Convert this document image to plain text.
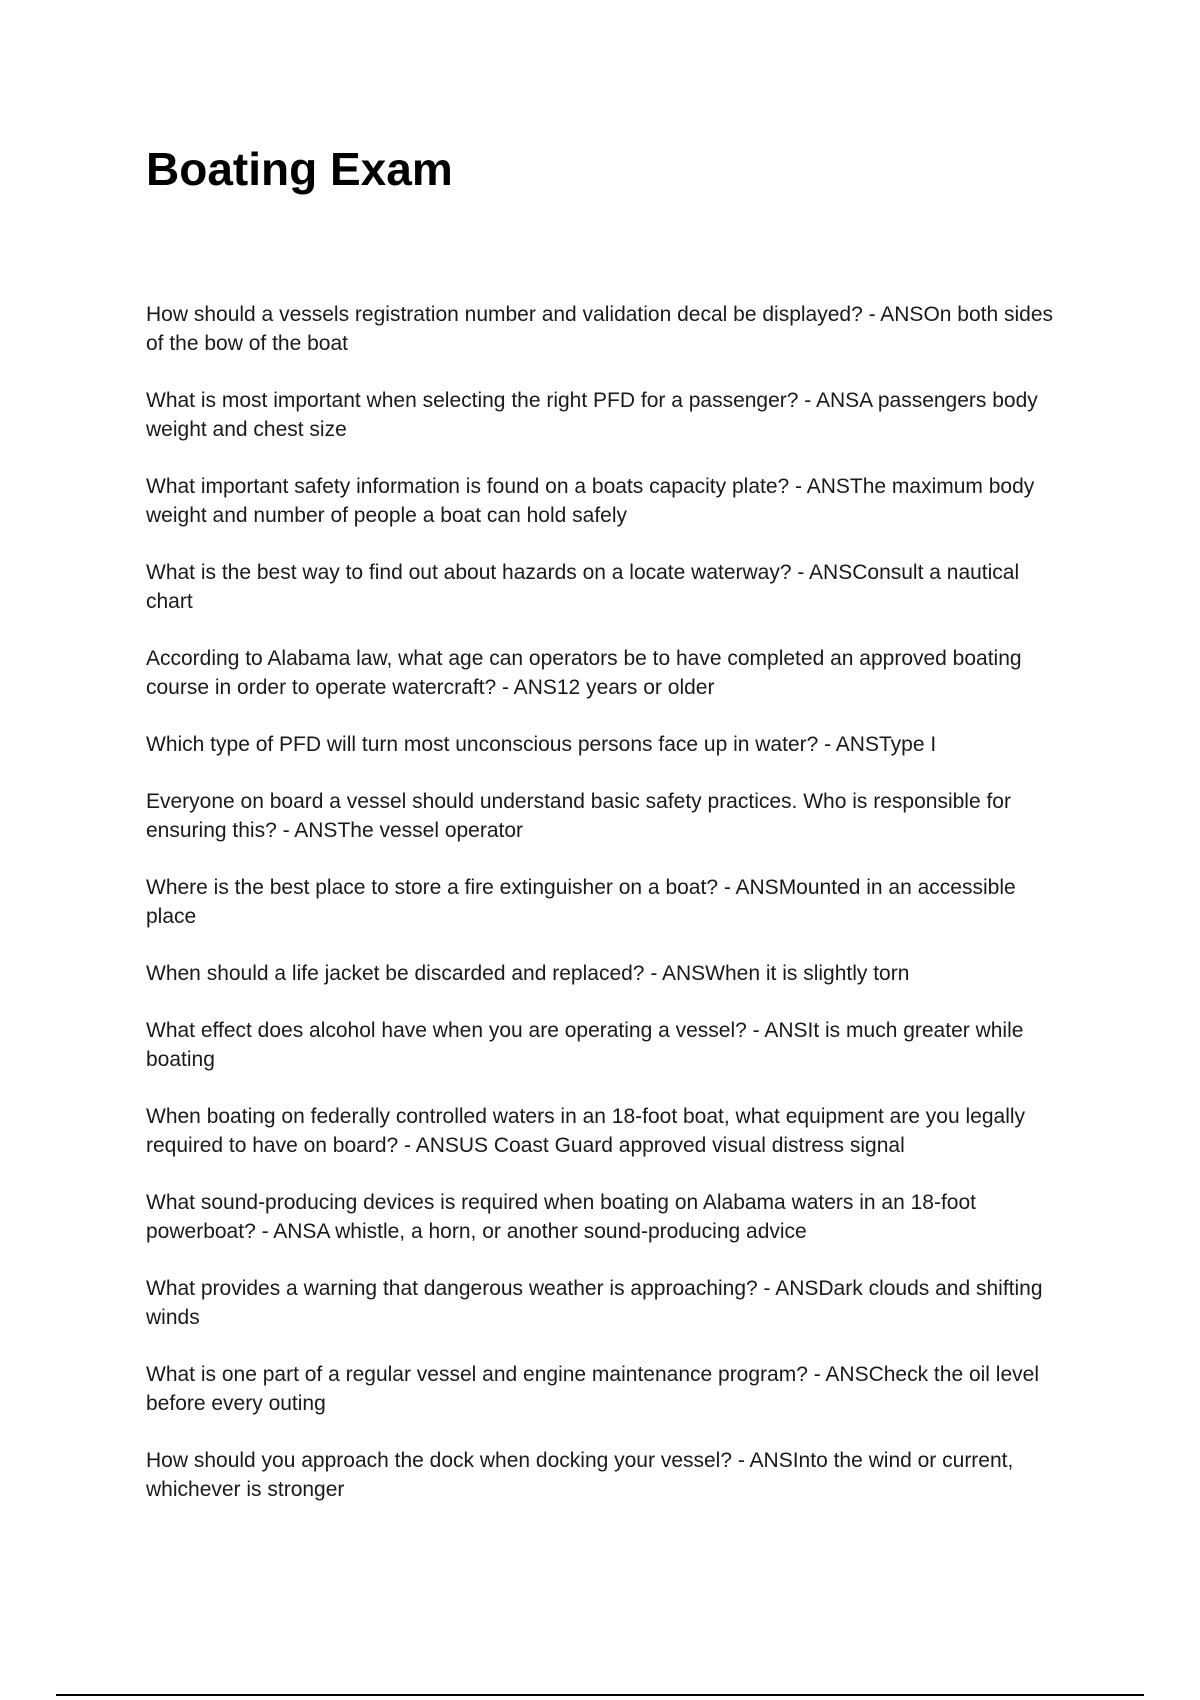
Boating Exam

How should a vessels registration number and validation decal be displayed? - ANSOn both sides of the bow of the boat

What is most important when selecting the right PFD for a passenger? - ANSA passengers body weight and chest size

What important safety information is found on a boats capacity plate? - ANSThe maximum body weight and number of people a boat can hold safely

What is the best way to find out about hazards on a locate waterway? - ANSConsult a nautical chart

According to Alabama law, what age can operators be to have completed an approved boating course in order to operate watercraft? - ANS12 years or older

Which type of PFD will turn most unconscious persons face up in water? - ANSType I

Everyone on board a vessel should understand basic safety practices. Who is responsible for ensuring this? - ANSThe vessel operator

Where is the best place to store a fire extinguisher on a boat? - ANSMounted in an accessible place

When should a life jacket be discarded and replaced? - ANSWhen it is slightly torn

What effect does alcohol have when you are operating a vessel? - ANSIt is much greater while boating

When boating on federally controlled waters in an 18-foot boat, what equipment are you legally required to have on board? - ANSUS Coast Guard approved visual distress signal

What sound-producing devices is required when boating on Alabama waters in an 18-foot powerboat? - ANSA whistle, a horn, or another sound-producing advice

What provides a warning that dangerous weather is approaching? - ANSDark clouds and shifting winds

What is one part of a regular vessel and engine maintenance program? - ANSCheck the oil level before every outing

How should you approach the dock when docking your vessel? - ANSInto the wind or current, whichever is stronger
